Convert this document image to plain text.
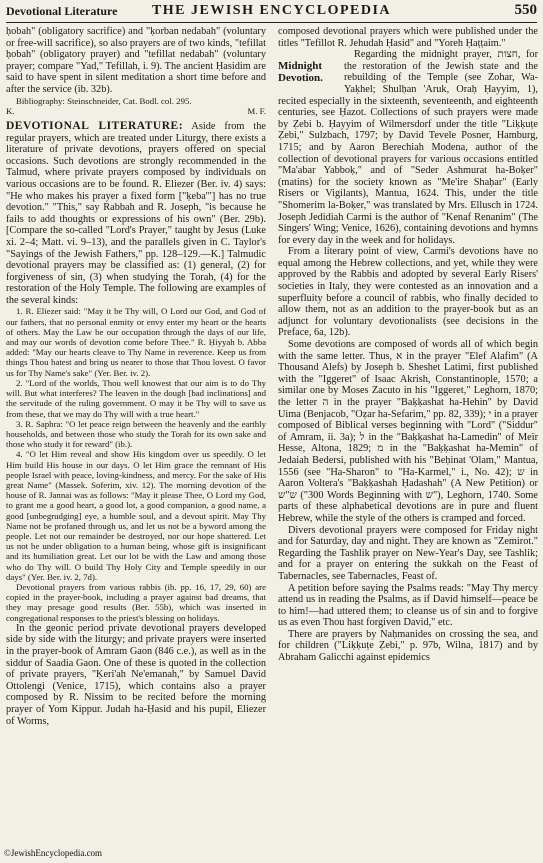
Devotional Literature	THE JEWISH ENCYCLOPEDIA	550

ḥobah" (obligatory sacrifice) and "ḳorban nedabah" (voluntary or free-will sacrifice), so also prayers are of two kinds, "tefillat ḥobah" (obligatory prayer) and "tefillat nedabah" (voluntary prayer; compare "Yad," Tefillah, i. 9). The ancient Ḥasidim are said to have spent in silent meditation a short time before and after the service (ib. 32b).

Bibliography: Steinschneider, Cat. Bodl. col. 295.

K.	M. F.

DEVOTIONAL LITERATURE: Aside from the regular prayers, which are treated under Liturgy, there exists a literature of private devotions, prayers offered on special occasions. Such devotions are strongly recommended in the Talmud, where private prayers composed by individuals on various occasions are to be found. R. Eliezer (Ber. iv. 4) says: "He who makes his prayer a fixed form ["ḳeba'"] has no true devotion." "This," say Rabbah and R. Joseph, "is because he fails to add thoughts or expressions of his own" (Ber. 29b). [Compare the so-called "Lord's Prayer," taught by Jesus (Luke xi. 2–4; Matt. vi. 9–13), and the parallels given in C. Taylor's "Sayings of the Jewish Fathers," pp. 128–129.—K.] Talmudic devotional prayers may be classified as: (1) general, (2) for forgiveness of sin, (3) when studying the Torah, (4) for the restoration of the Holy Temple. The following are examples of the several kinds:

1. R. Eliezer said: "May it be Thy will, O Lord our God, and God of our fathers, that no personal enmity or envy enter my heart or the hearts of others. May the Law be our occupation through the days of our life, and may our words of devotion come before Thee." R. Ḥiyyah b. Abba added: "May our hearts cleave to Thy Name in reverence. Keep us from things Thou hatest and bring us nearer to those that Thou lovest. O favor us for Thy Name's sake" (Yer. Ber. iv. 2).

2. "Lord of the worlds, Thou well knowest that our aim is to do Thy will. But what interferes? The leaven in the dough [bad inclinations] and the servitude of the ruling government. O may it be Thy will to save us from these, that we may do Thy will with a true heart."

3. R. Saphra: "O let peace reign between the heavenly and the earthly households, and between those who study the Torah for its own sake and those who study it for reward" (ib.).

4. "O let Him reveal and show His kingdom over us speedily. O let Him build His house in our days. O let Him grace the remnant of His people Israel with peace, loving-kindness, and mercy. For the sake of His great Name" (Massek. Soferim, xiv. 12). The morning devotion of the house of R. Jannai was as follows: "May it please Thee, O Lord my God, to grant me a good heart, a good lot, a good companion, a good name, a good [unbegrudging] eye, a humble soul, and a devout spirit. May Thy Name not be profaned through us, and let us not be a byword among the people. Let not our remainder be destroyed, nor our hope shattered. Let us not be under obligation to a human being, whose gift is insignificant and its humiliation great. Let our lot be with the Law and among those who do Thy will. O build Thy Holy City and Temple speedily in our days" (Yer. Ber. iv. 2, 7d).

Devotional prayers from various rabbis (ib. pp. 16, 17, 29, 60) are copied in the prayer-book, including a prayer against bad dreams, that they may presage good results (Ber. 55b), which was inserted in congregational responses to the priest's blessing on holidays.

In the geonic period private devotional prayers developed side by side with the liturgy; and private prayers were inserted in the prayer-book of Amram Gaon (846 c.e.), as well as in the siddur of Saadia Gaon. One of these is quoted in the collection of private prayers, "Ḳeri'ah Ne'emanah," by Samuel David Ottolengi (Venice, 1715), which contains also a prayer composed by R. Nissim to be recited before the morning prayer of Yom Kippur. Judah ha-Ḥasid and his pupil, Eliezer of Worms,

composed devotional prayers which were published under the titles "Tefillot R. Jehudah Ḥasid" and "Yoreh Ḥaṭṭaim."

Midnight Devotion.

Regarding the midnight prayer, חצות, for the restoration of the Jewish state and the rebuilding of the Temple (see Zohar, Wa-Yaḳhel; Shulḥan 'Aruk, Oraḥ Ḥayyim, 1), recited especially in the sixteenth, seventeenth, and eighteenth centuries, see Ḥazot. Collections of such prayers were made by Ẓebi b. Ḥayyim of Wilmersdorf under the title "Liḳḳuṭe Ẓebi," Sulzbach, 1797; by David Tevele Posner, Hamburg, 1715; and by Aaron Berechiah Modena, author of the collection of devotional prayers for various occasions entitled "Ma'abar Yabboḳ," and of "Seder Ashmurat ha-Boḳer" (matins) for the society known as "Me'ire Shaḥar" (Early Risers or Vigilants), Mantua, 1624. This, under the title "Shomerim la-Boḳer," was translated by Mrs. Ellusch in 1724. Joseph Jedidiah Carmi is the author of "Kenaf Renanim" (The Singers' Wing; Venice, 1626), containing devotions and hymns for every day in the week and for holidays.

From a literary point of view, Carmi's devotions have no equal among the Hebrew collections, and yet, while they were approved by the Rabbis and adopted by several Early Risers' societies in Italy, they were contested as an innovation and a superfluity before a council of rabbis, who finally decided to allow them, not as an addition to the prayer-book but as an adjunct for voluntary devotionalists (see decisions in the Preface, 6a, 12b).

Some devotions are composed of words all of which begin with the same letter. Thus, א in the prayer "Elef Alafim" (A Thousand Alefs) by Joseph b. Sheshet Latimi, first published with the "Iggeret" of Isaac Akrish, Constantinople, 1570; a similar one by Moses Zacuto in his "Iggeret," Leghorn, 1870; the letter ה in the prayer "Baḳḳashat ha-Hehin" by David Uima (Benjacob, "Oẓar ha-Sefarim," pp. 82, 339); י in a prayer composed of Biblical verses beginning with "Lord" ("Siddur" of Amram, ii. 3a); ל in the "Baḳḳashat ha-Lamedin" of Meïr Hesse, Altona, 1829; מ in the "Baḳḳashat ha-Memin" of Jedaiah Bedersi, published with his "Beḥinat 'Olam," Mantua, 1556 (see "Ha-Sharon" to "Ha-Karmel," i., No. 42); ש in Aaron Voltera's "Baḳḳashah Ḥadashah" (A New Petition) or ש"ש ("300 Words Beginning with ש"), Leghorn, 1740. Some parts of these alphabetical devotions are in pure and fluent Hebrew, while the style of the others is cramped and forced.

Divers devotional prayers were composed for Friday night and for Saturday, day and night. They are known as "Zemirot." Regarding the Tashlik prayer on New-Year's Day, see Tashlik; and for a prayer on entering the sukkah on the Feast of Tabernacles, see Tabernacles, Feast of.

A petition before saying the Psalms reads: "May Thy mercy attend us in reading the Psalms, as if David himself—peace be to him!—had uttered them; to cleanse us of sin and to forgive us as even Thou hast forgiven David," etc.

There are prayers by Naḥmanides on crossing the sea, and for children ("Liḳḳuṭe Ẓebi," p. 97b, Wilna, 1817) and by Abraham Galicchi against epidemics

©JewishEncyclopedia.com
